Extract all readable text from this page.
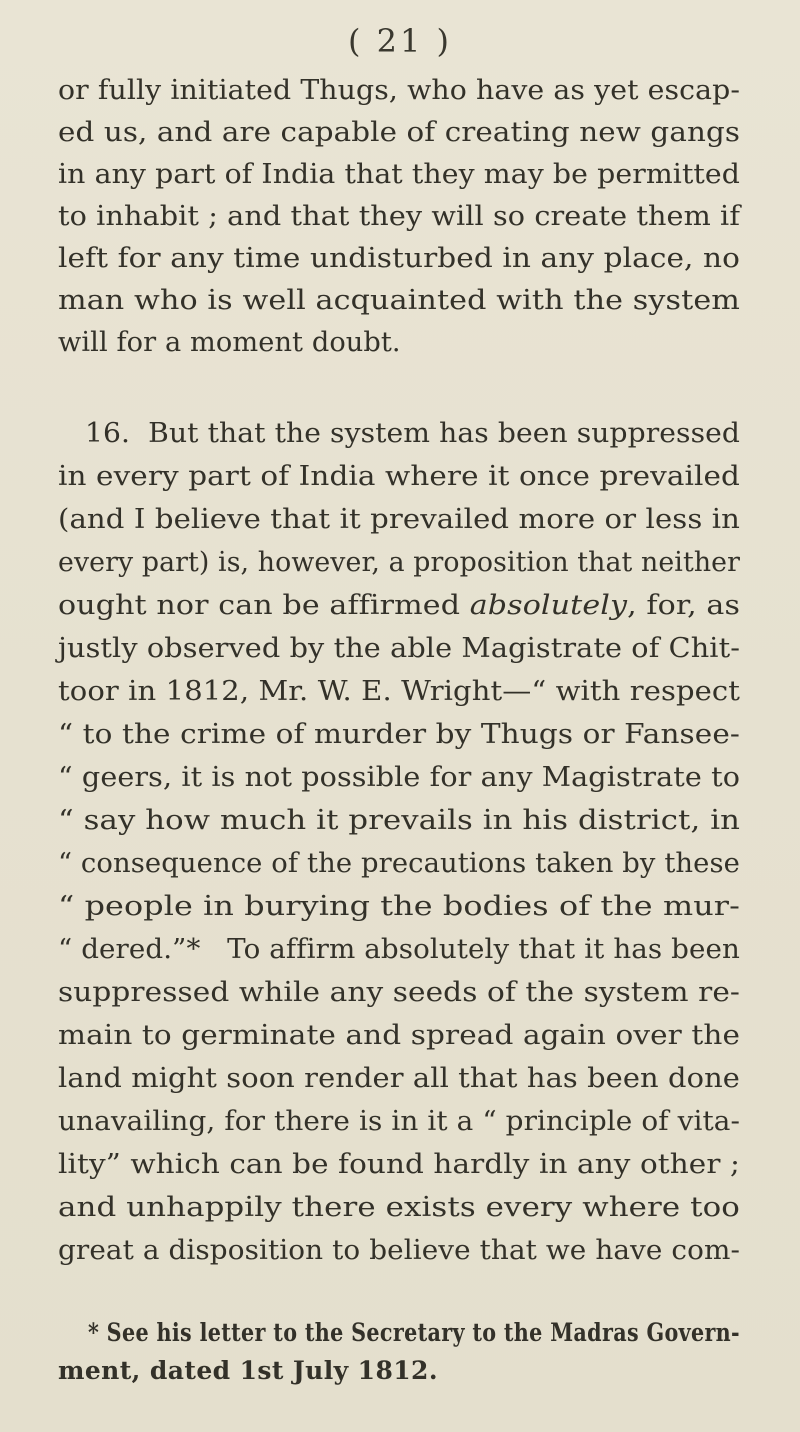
( 21 )
or fully initiated Thugs, who have as yet escap-
ed us, and are capable of creating new gangs
in any part of India that they may be permitted
to inhabit ; and that they will so create them if
left for any time undisturbed in any place, no
man who is well acquainted with the system
will for a moment doubt.
16.  But that the system has been suppressed
in every part of India where it once prevailed
(and I believe that it prevailed more or less in
every part) is, however, a proposition that neither
ought nor can be affirmed absolutely, for, as
justly observed by the able Magistrate of Chit-
toor in 1812, Mr. W. E. Wright—“ with respect
“ to the crime of murder by Thugs or Fansee-
“ geers, it is not possible for any Magistrate to
“ say how much it prevails in his district, in
“ consequence of the precautions taken by these
“ people in burying the bodies of the mur-
“ dered.”*   To affirm absolutely that it has been
suppressed while any seeds of the system re-
main to germinate and spread again over the
land might soon render all that has been done
unavailing, for there is in it a “ principle of vita-
lity” which can be found hardly in any other ;
and unhappily there exists every where too
great a disposition to believe that we have com-
* See his letter to the Secretary to the Madras Govern-
ment, dated 1st July 1812.
